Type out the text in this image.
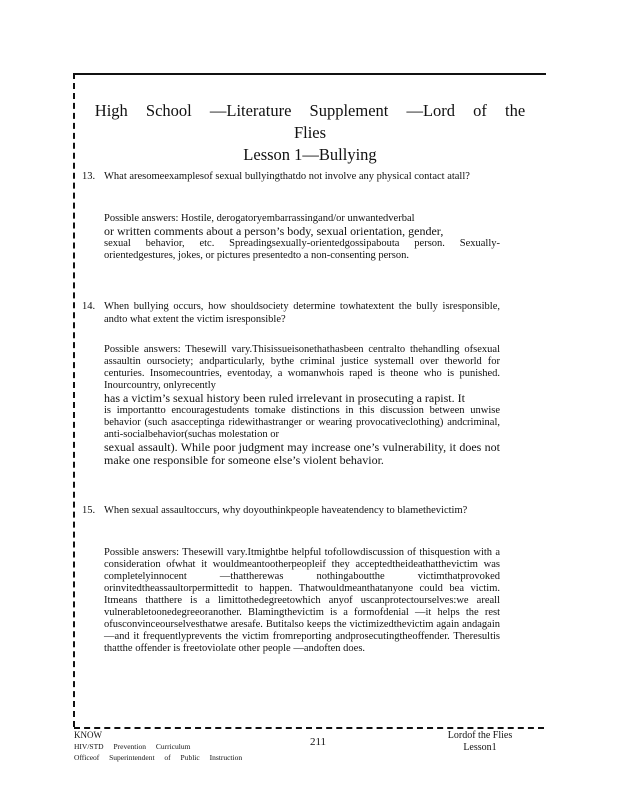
High School —Literature Supplement —Lord of the Flies
Lesson 1—Bullying
13. What aresomeexamplesof sexual bullyingthatdo not involve any physical contact atall?
Possible answers: Hostile, derogatoryembarrassingand/or unwantedverbal
or written comments about a person’s body, sexual orientation, gender,
sexual behavior, etc. Spreadingsexually-orientedgossipabouta person. Sexually-orientedgestures, jokes, or pictures presentedto a non-consenting person.
14. When bullying occurs, how shouldsociety determine towhatextent the bully isresponsible, andto what extent the victim isresponsible?
Possible answers: Thesewill vary.Thisissueisonethathasbeen centralto thehandling ofsexual assaultin oursociety; andparticularly, bythe criminal justice systemall over theworld for centuries. Insomecountries, eventoday, a womanwhois raped is theone who is punished. Inourcountry, onlyrecently
has a victim’s sexual history been ruled irrelevant in prosecuting a rapist. It
is importantto encouragestudents tomake distinctions in this discussion between unwise behavior (such asacceptinga ridewithastranger or wearing provocativeclothing) andcriminal, anti-socialbehavior(suchas molestation or
sexual assault). While poor judgment may increase one’s vulnerability, it does not make one responsible for someone else’s violent behavior.
15. When sexual assaultoccurs, why doyouthinkpeople haveatendency to blamethevictim?
Possible answers: Thesewill vary.Itmightbe helpful tofollowdiscussion of thisquestion with a consideration ofwhat it wouldmeantootherpeopleif they acceptedtheideathatthevictim was completelyinnocent —thattherewas nothingaboutthe victimthatprovoked orinvitedtheassaultorpermittedit to happen. Thatwouldmeanthatanyone could bea victim. Itmeans thatthere is a limittothedegreetowhich anyof uscanprotectourselves:we areall vulnerabletoonedegreeoranother. Blamingthevictim is a formofdenial —it helps the rest ofusconvinceourselvesthatwe aresafe. Butitalso keeps the victimizedthevictim again andagain —and it frequentlyprevents the victim fromreporting andprosecutingtheoffender. Theresultis thatthe offender is freetoviolate other people —andoften does.
KNOW
HIV/STD Prevention Curriculum
Officeof Superintendent of Public Instruction
211
Lordof the Flies
Lesson1
